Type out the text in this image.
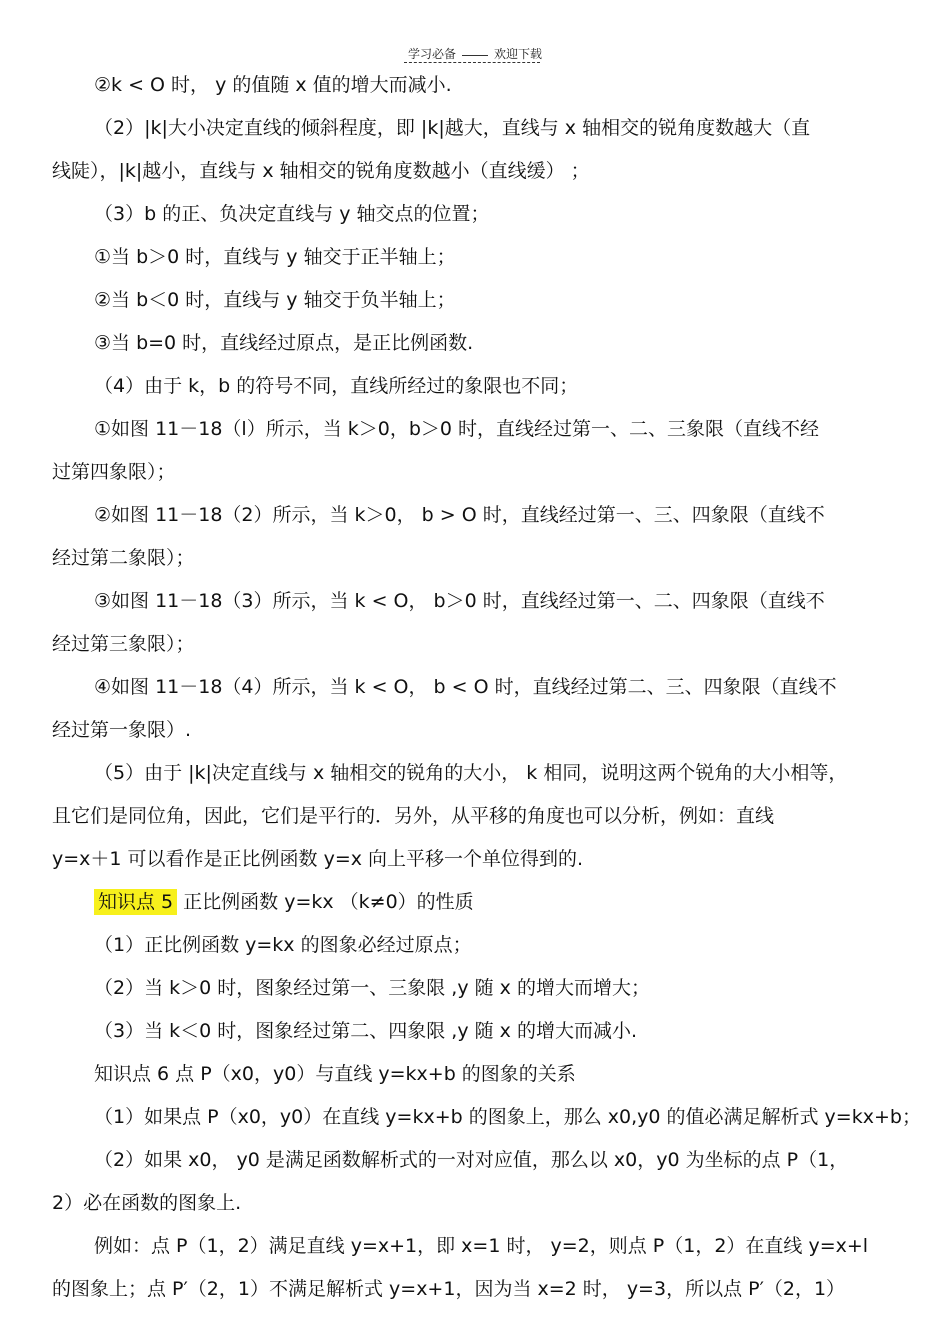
学习必备	欢迎下载

②k < O 时， y 的值随 x 值的增大而减小.

（2）|k|大小决定直线的倾斜程度，即 |k|越大，直线与 x 轴相交的锐角度数越大（直

线陡），|k|越小，直线与 x 轴相交的锐角度数越小（直线缓） ；

（3）b 的正、负决定直线与 y 轴交点的位置；

①当 b＞0 时，直线与 y 轴交于正半轴上；

②当 b＜0 时，直线与 y 轴交于负半轴上；

③当 b=0 时，直线经过原点，是正比例函数.

（4）由于 k，b 的符号不同，直线所经过的象限也不同；

①如图 11－18（l）所示，当 k＞0，b＞0 时，直线经过第一、二、三象限（直线不经

过第四象限）；

②如图 11－18（2）所示，当 k＞0， b > O 时，直线经过第一、三、四象限（直线不

经过第二象限）；

③如图 11－18（3）所示，当 k < O， b＞0 时，直线经过第一、二、四象限（直线不

经过第三象限）；

④如图 11－18（4）所示，当 k < O， b < O 时，直线经过第二、三、四象限（直线不

经过第一象限）.

（5）由于 |k|决定直线与 x 轴相交的锐角的大小， k 相同，说明这两个锐角的大小相等，

且它们是同位角，因此，它们是平行的．另外，从平移的角度也可以分析，例如：直线

y=x＋1 可以看作是正比例函数 y=x 向上平移一个单位得到的.

知识点 5 正比例函数 y=kx （k≠0）的性质

（1）正比例函数 y=kx 的图象必经过原点；

（2）当 k＞0 时，图象经过第一、三象限 ,y 随 x 的增大而增大；

（3）当 k＜0 时，图象经过第二、四象限 ,y 随 x 的增大而减小.

知识点 6 点 P（x0，y0）与直线 y=kx+b 的图象的关系

（1）如果点 P（x0，y0）在直线 y=kx+b 的图象上，那么 x0,y0 的值必满足解析式 y=kx+b；

（2）如果 x0， y0 是满足函数解析式的一对对应值，那么以 x0，y0 为坐标的点 P（1，

2）必在函数的图象上.

例如：点 P（1，2）满足直线 y=x+1，即 x=1 时， y=2，则点 P（1，2）在直线 y=x+l

的图象上；点 P′（2，1）不满足解析式 y=x+1，因为当 x=2 时， y=3，所以点 P′（2，1）
